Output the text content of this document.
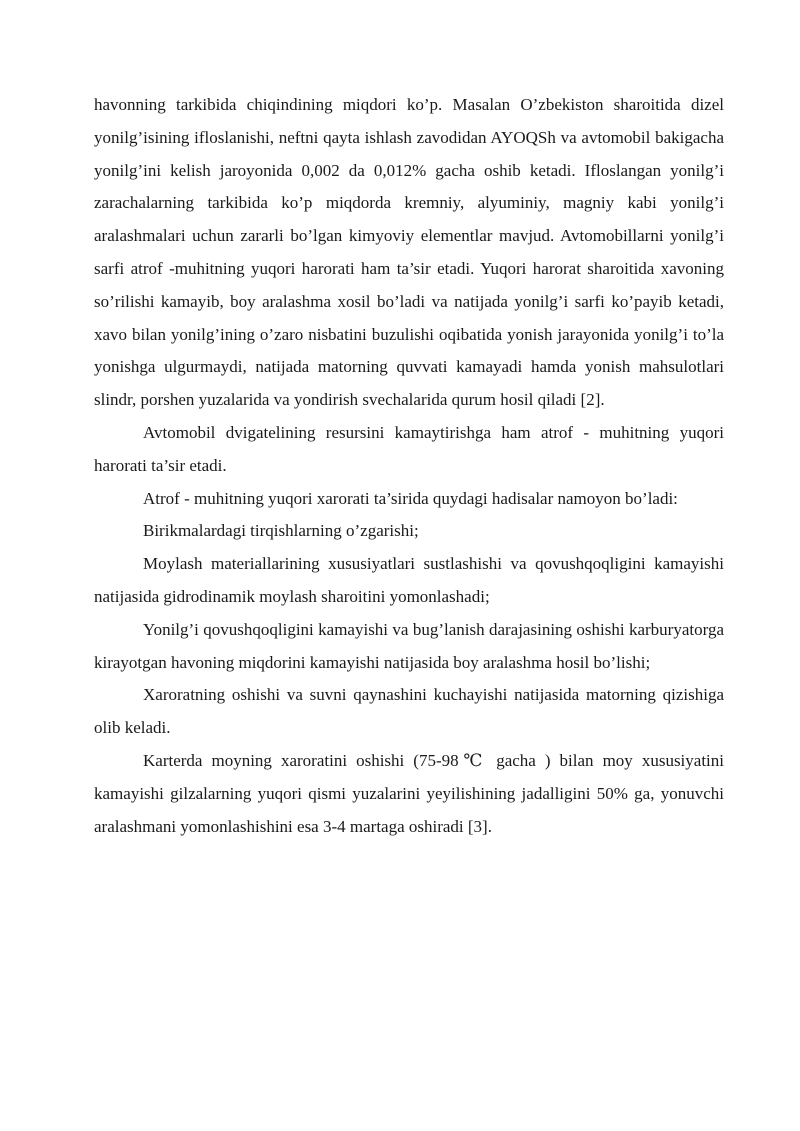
havonning tarkibida chiqindining miqdori ko’p. Masalan O’zbekiston sharoitida dizel yonilg’isining ifloslanishi, neftni qayta ishlash zavodidan AYOQSh va avtomobil bakigacha yonilg’ini kelish jaroyonida 0,002 da 0,012% gacha oshib ketadi. Ifloslangan yonilg’i zarachalarning tarkibida ko’p miqdorda kremniy, alyuminiy, magniy kabi yonilg’i aralashmalari uchun zararli bo’lgan kimyoviy elementlar mavjud. Avtomobillarni yonilg’i sarfi atrof -muhitning yuqori harorati ham ta’sir etadi. Yuqori harorat sharoitida xavoning so’rilishi kamayib, boy aralashma xosil bo’ladi va natijada yonilg’i sarfi ko’payib ketadi, xavo bilan yonilg’ining o’zaro nisbatini buzulishi oqibatida yonish jarayonida yonilg’i to’la yonishga ulgurmaydi, natijada matorning quvvati kamayadi hamda yonish mahsulotlari slindr, porshen yuzalarida va yondirish svechalarida qurum hosil qiladi [2].

Avtomobil dvigatelining resursini kamaytirishga ham atrof - muhitning yuqori harorati ta’sir etadi.

Atrof - muhitning yuqori xarorati ta’sirida quydagi hadisalar namoyon bo’ladi:

Birikmalardagi tirqishlarning o’zgarishi;

Moylash materiallarining xususiyatlari sustlashishi va qovushqoqligini kamayishi natijasida gidrodinamik moylash sharoitini yomonlashadi;

Yonilg’i qovushqoqligini kamayishi va bug’lanish darajasining oshishi karburyatorga kirayotgan havoning miqdorini kamayishi natijasida boy aralashma hosil bo’lishi;

Xaroratning oshishi va suvni qaynashini kuchayishi natijasida matorning qizishiga olib keladi.

Karterda moyning xaroratini oshishi (75-98℃ gacha ) bilan moy xususiyatini kamayishi gilzalarning yuqori qismi yuzalarini yeyilishining jadalligini 50% ga, yonuvchi aralashmani yomonlashishini esa 3-4 martaga oshiradi [3].
